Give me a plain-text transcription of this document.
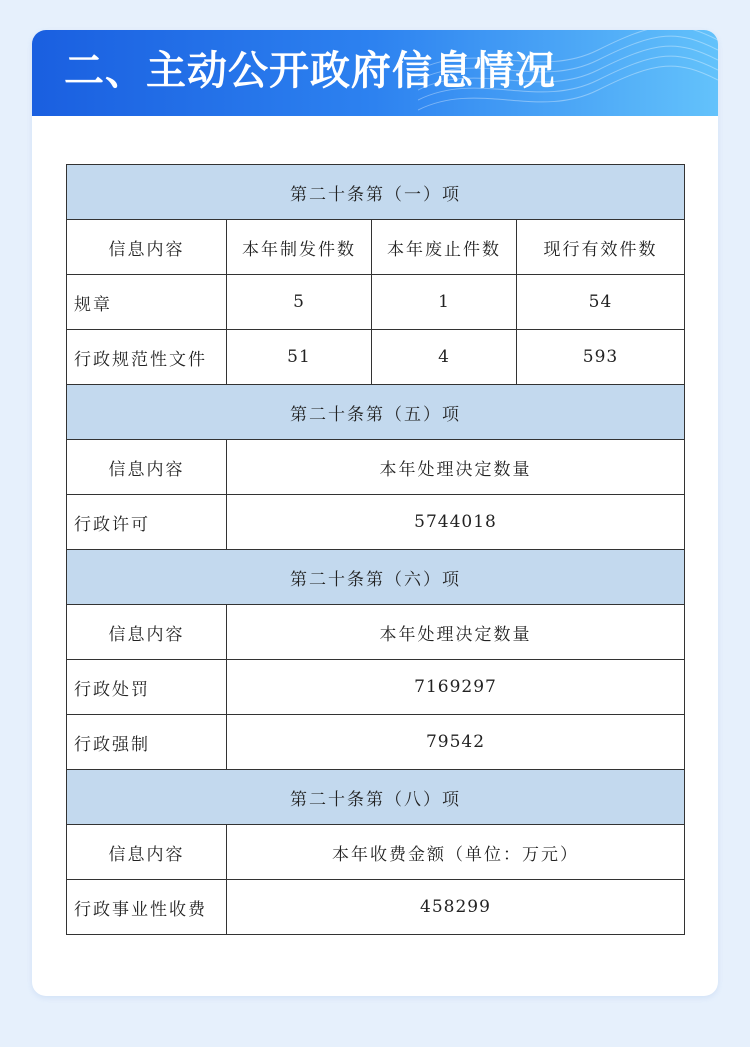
二、主动公开政府信息情况
第二十条第（一）项			
信息内容	本年制发件数	本年废止件数	现行有效件数
规章	5	1	54
行政规范性文件	51	4	593
第二十条第（五）项			
信息内容	本年处理决定数量		
行政许可	5744018		
第二十条第（六）项			
信息内容	本年处理决定数量		
行政处罚	7169297		
行政强制	79542		
第二十条第（八）项			
信息内容	本年收费金额（单位：万元）		
行政事业性收费	458299		
